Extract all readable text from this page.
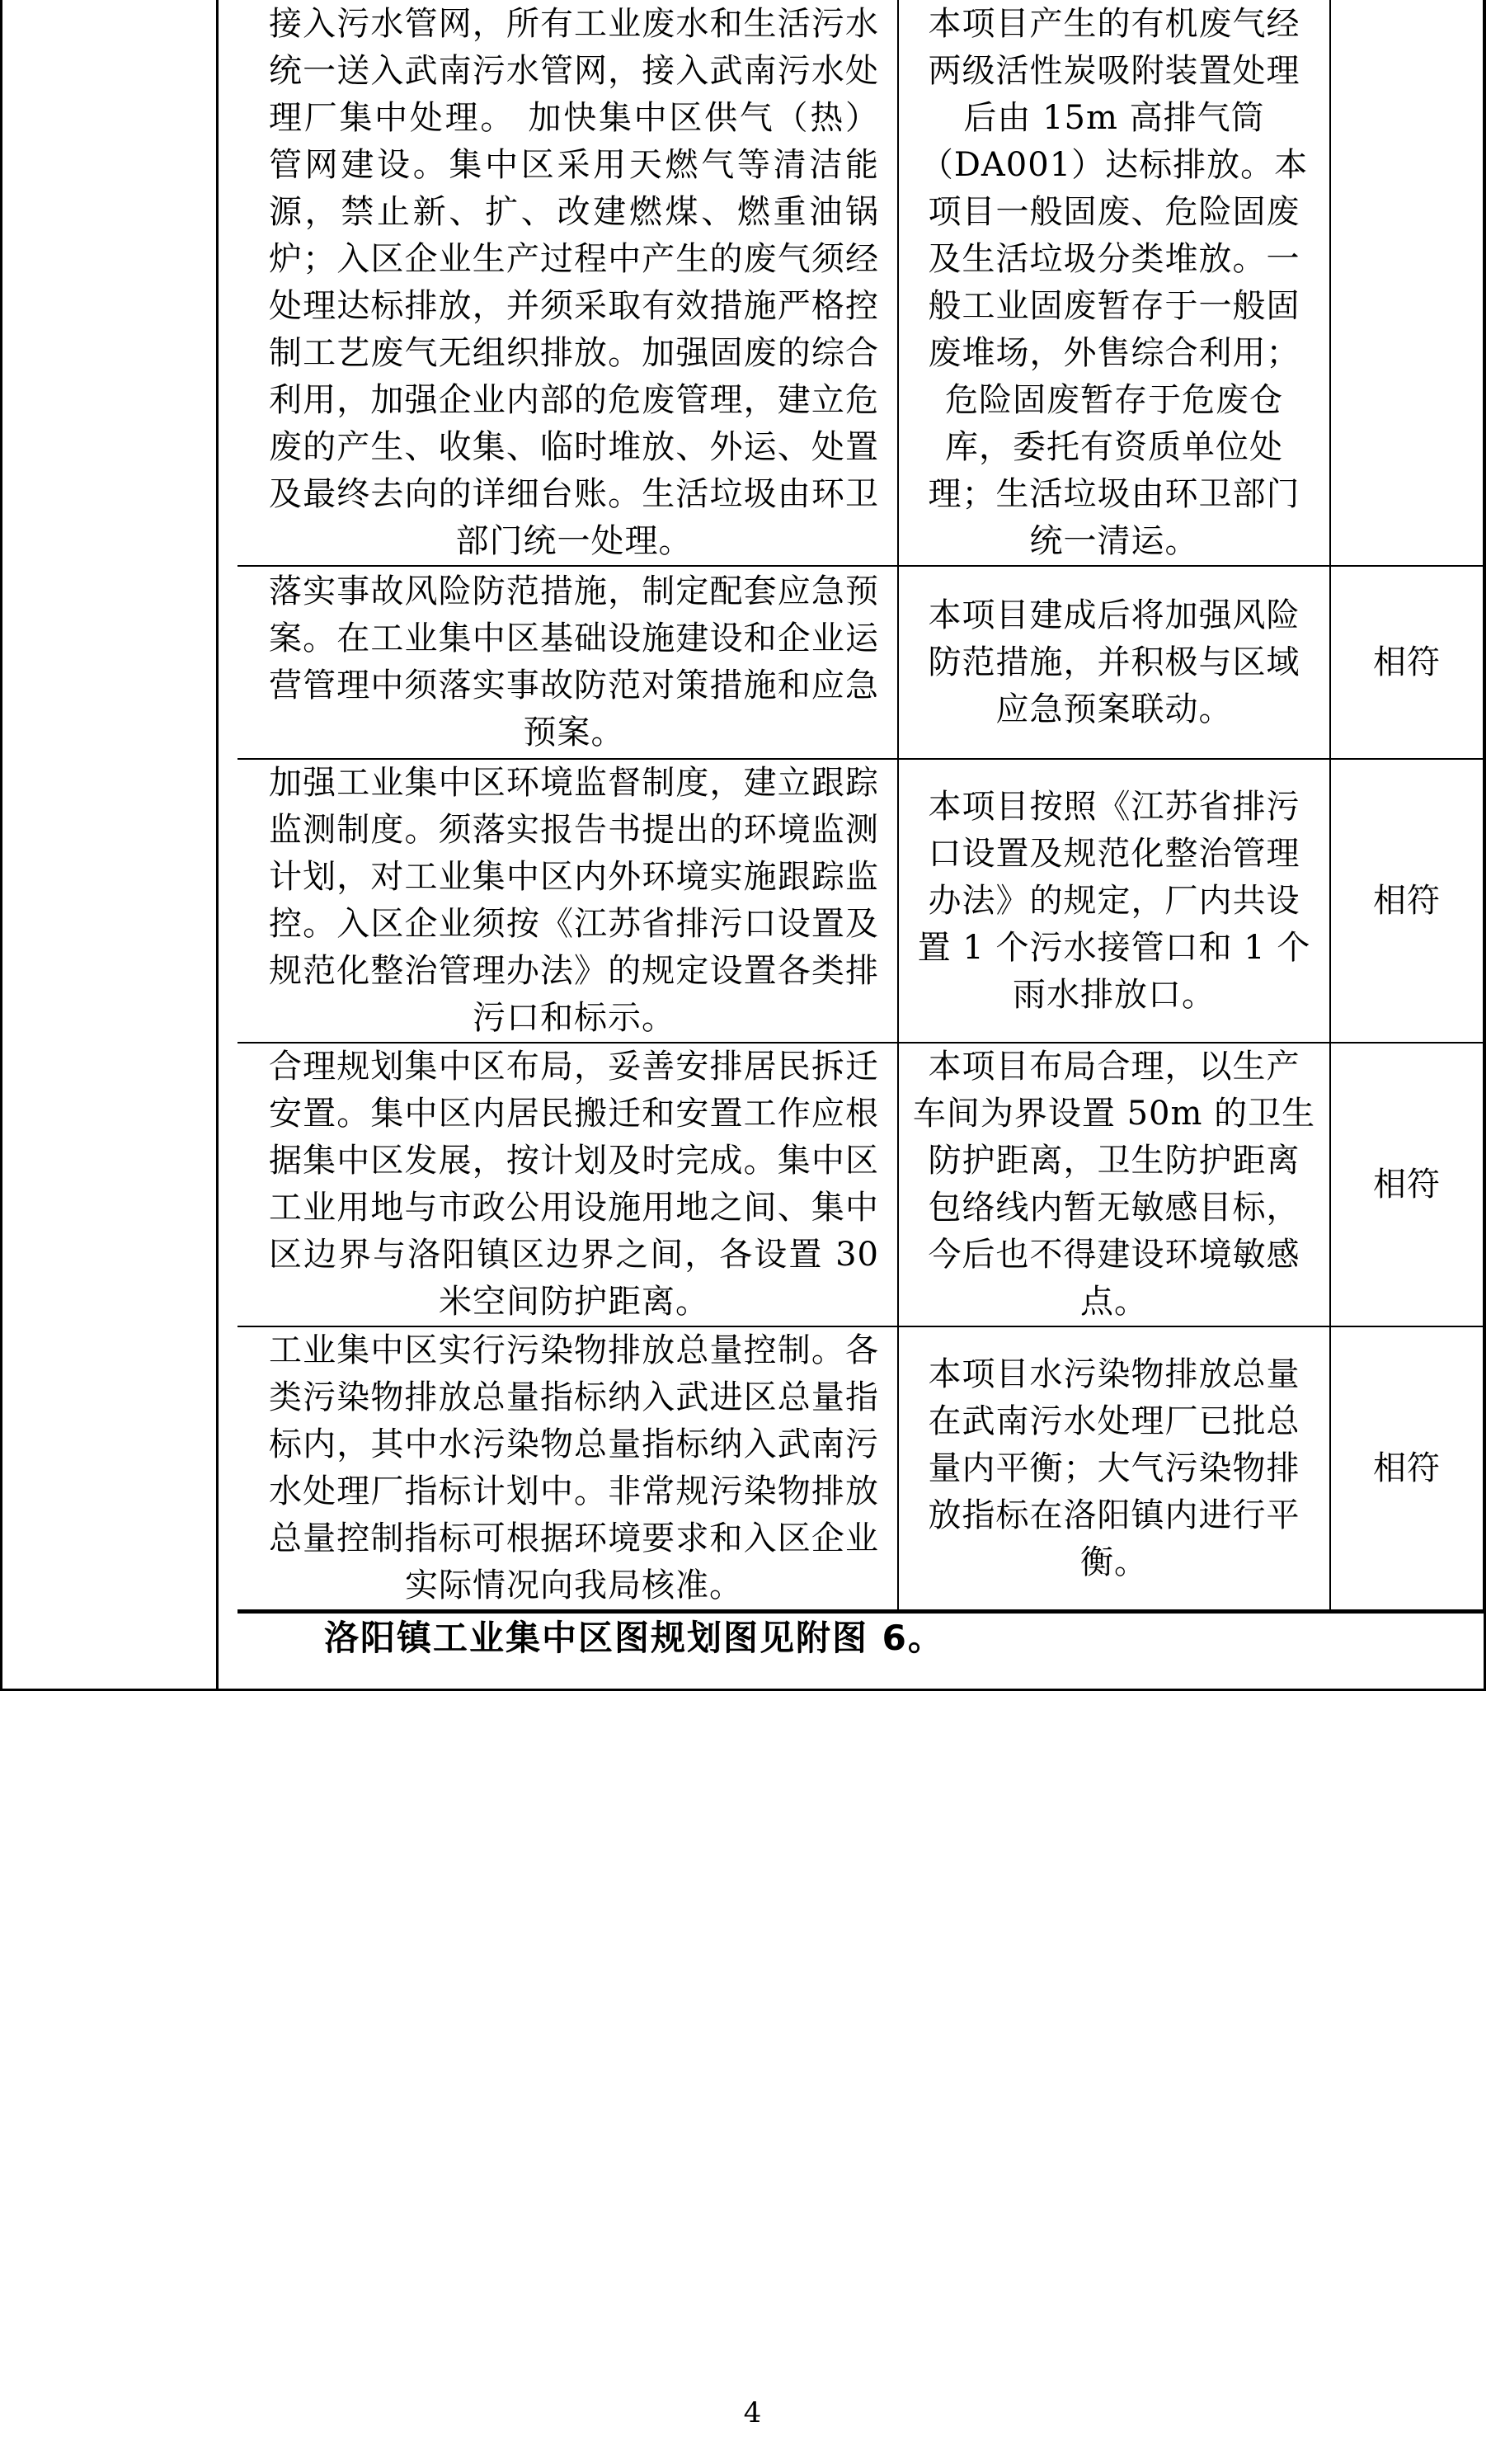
接入污水管网，所有工业废水和生活污水统一送入武南污水管网，接入武南污水处理厂集中处理。 加快集中区供气（热）管网建设。集中区采用天燃气等清洁能源，禁止新、扩、改建燃煤、燃重油锅炉；入区企业生产过程中产生的废气须经处理达标排放，并须采取有效措施严格控制工艺废气无组织排放。加强固废的综合利用，加强企业内部的危废管理，建立危废的产生、收集、临时堆放、外运、处置及最终去向的详细台账。生活垃圾由环卫部门统一处理。	本项目产生的有机废气经两级活性炭吸附装置处理后由 15m 高排气筒（DA001）达标排放。本项目一般固废、危险固废及生活垃圾分类堆放。一般工业固废暂存于一般固废堆场，外售综合利用；危险固废暂存于危废仓库，委托有资质单位处理；生活垃圾由环卫部门统一清运。	
落实事故风险防范措施，制定配套应急预案。在工业集中区基础设施建设和企业运营管理中须落实事故防范对策措施和应急预案。	本项目建成后将加强风险防范措施，并积极与区域应急预案联动。	相符
加强工业集中区环境监督制度，建立跟踪监测制度。须落实报告书提出的环境监测计划，对工业集中区内外环境实施跟踪监控。入区企业须按《江苏省排污口设置及规范化整治管理办法》的规定设置各类排污口和标示。	本项目按照《江苏省排污口设置及规范化整治管理办法》的规定，厂内共设置 1 个污水接管口和 1 个雨水排放口。	相符
合理规划集中区布局，妥善安排居民拆迁安置。集中区内居民搬迁和安置工作应根据集中区发展，按计划及时完成。集中区工业用地与市政公用设施用地之间、集中区边界与洛阳镇区边界之间，各设置 30 米空间防护距离。	本项目布局合理，以生产车间为界设置 50m 的卫生防护距离，卫生防护距离包络线内暂无敏感目标，今后也不得建设环境敏感点。	相符
工业集中区实行污染物排放总量控制。各类污染物排放总量指标纳入武进区总量指标内，其中水污染物总量指标纳入武南污水处理厂指标计划中。非常规污染物排放总量控制指标可根据环境要求和入区企业实际情况向我局核准。	本项目水污染物排放总量在武南污水处理厂已批总量内平衡；大气污染物排放指标在洛阳镇内进行平衡。	相符
洛阳镇工业集中区图规划图见附图 6。
4
